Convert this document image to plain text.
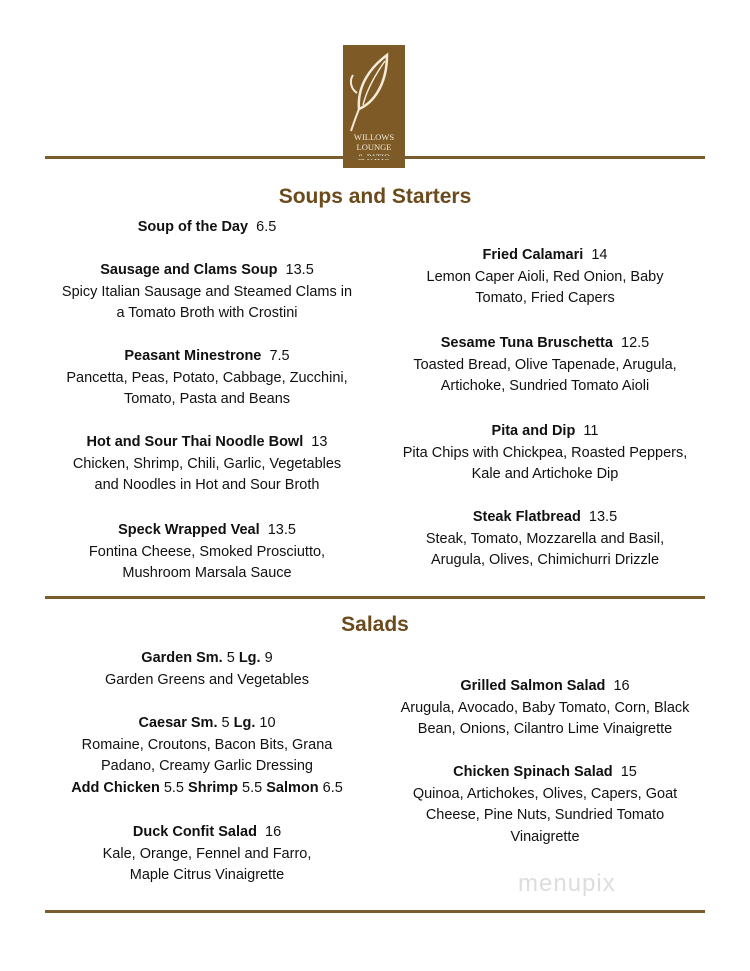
WILLOWS
LOUNGE
Soups and Starters
Soup of the Day 6.5
Sausage and Clams Soup 13.5
Spicy Italian Sausage and Steamed Clams in
a Tomato Broth with Crostini
Peasant Minestrone 7.5
Pancetta, Peas, Potato, Cabbage, Zucchini,
Tomato, Pasta and Beans
Hot and Sour Thai Noodle Bowl 13
Chicken, Shrimp, Chili, Garlic, Vegetables
and Noodles in Hot and Sour Broth
Speck Wrapped Veal 13.5
Fontina Cheese, Smoked Prosciutto,
Mushroom Marsala Sauce
Fried Calamari 14
Lemon Caper Aioli, Red Onion, Baby
Tomato, Fried Capers
Sesame Tuna Bruschetta 12.5
Toasted Bread, Olive Tapenade, Arugula,
Artichoke, Sundried Tomato Aioli
Pita and Dip 11
Pita Chips with Chickpea, Roasted Peppers,
Kale and Artichoke Dip
Steak Flatbread 13.5
Steak, Tomato, Mozzarella and Basil,
Arugula, Olives, Chimichurri Drizzle
Salads
Garden Sm. 5 Lg. 9
Garden Greens and Vegetables
Caesar Sm. 5 Lg. 10
Romaine, Croutons, Bacon Bits, Grana
Padano, Creamy Garlic Dressing
Add Chicken 5.5 Shrimp 5.5 Salmon 6.5
Duck Confit Salad 16
Kale, Orange, Fennel and Farro,
Maple Citrus Vinaigrette
Grilled Salmon Salad 16
Arugula, Avocado, Baby Tomato, Corn, Black
Bean, Onions, Cilantro Lime Vinaigrette
Chicken Spinach Salad 15
Quinoa, Artichokes, Olives, Capers, Goat
Cheese, Pine Nuts, Sundried Tomato
Vinaigrette
menupix
